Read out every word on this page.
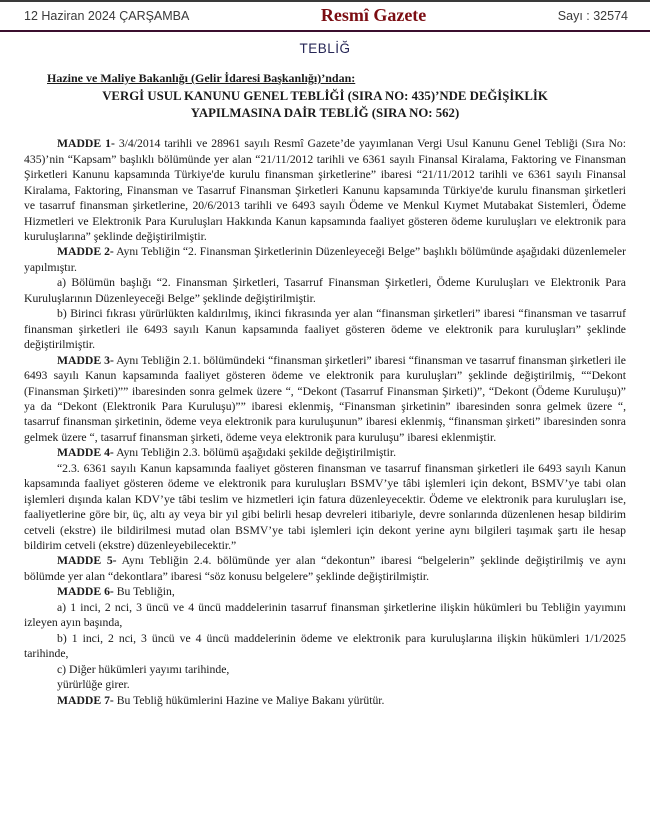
12 Haziran 2024 ÇARŞAMBA	Resmî Gazete	Sayı : 32574
TEBLİĞ
Hazine ve Maliye Bakanlığı (Gelir İdaresi Başkanlığı)’ndan:
VERGİ USUL KANUNU GENEL TEBLİĞİ (SIRA NO: 435)’NDE DEĞİŞİKLİK
YAPILMASINA DAİR TEBLİĞ (SIRA NO: 562)

MADDE 1- 3/4/2014 tarihli ve 28961 sayılı Resmî Gazete’de yayımlanan Vergi Usul Kanunu Genel Tebliği (Sıra No: 435)’nin “Kapsam” başlıklı bölümünde yer alan “21/11/2012 tarihli ve 6361 sayılı Finansal Kiralama, Faktoring ve Finansman Şirketleri Kanunu kapsamında Türkiye'de kurulu finansman şirketlerine” ibaresi “21/11/2012 tarihli ve 6361 sayılı Finansal Kiralama, Faktoring, Finansman ve Tasarruf Finansman Şirketleri Kanunu kapsamında Türkiye'de kurulu finansman şirketleri ve tasarruf finansman şirketlerine, 20/6/2013 tarihli ve 6493 sayılı Ödeme ve Menkul Kıymet Mutabakat Sistemleri, Ödeme Hizmetleri ve Elektronik Para Kuruluşları Hakkında Kanun kapsamında faaliyet gösteren ödeme kuruluşları ve elektronik para kuruluşlarına” şeklinde değiştirilmiştir.

MADDE 2- Aynı Tebliğin “2. Finansman Şirketlerinin Düzenleyeceği Belge” başlıklı bölümünde aşağıdaki düzenlemeler yapılmıştır.

a) Bölümün başlığı “2. Finansman Şirketleri, Tasarruf Finansman Şirketleri, Ödeme Kuruluşları ve Elektronik Para Kuruluşlarının Düzenleyeceği Belge” şeklinde değiştirilmiştir.

b) Birinci fıkrası yürürlükten kaldırılmış, ikinci fıkrasında yer alan “finansman şirketleri” ibaresi “finansman ve tasarruf finansman şirketleri ile 6493 sayılı Kanun kapsamında faaliyet gösteren ödeme ve elektronik para kuruluşları” şeklinde değiştirilmiştir.

MADDE 3- Aynı Tebliğin 2.1. bölümündeki “finansman şirketleri” ibaresi “finansman ve tasarruf finansman şirketleri ile 6493 sayılı Kanun kapsamında faaliyet gösteren ödeme ve elektronik para kuruluşları” şeklinde değiştirilmiş, ““Dekont (Finansman Şirketi)”” ibaresinden sonra gelmek üzere “, “Dekont (Tasarruf Finansman Şirketi)”, “Dekont (Ödeme Kuruluşu)” ya da “Dekont (Elektronik Para Kuruluşu)”” ibaresi eklenmiş, “Finansman şirketinin” ibaresinden sonra gelmek üzere “, tasarruf finansman şirketinin, ödeme veya elektronik para kuruluşunun” ibaresi eklenmiş, “finansman şirketi” ibaresinden sonra gelmek üzere “, tasarruf finansman şirketi, ödeme veya elektronik para kuruluşu” ibaresi eklenmiştir.

MADDE 4- Aynı Tebliğin 2.3. bölümü aşağıdaki şekilde değiştirilmiştir.

“2.3. 6361 sayılı Kanun kapsamında faaliyet gösteren finansman ve tasarruf finansman şirketleri ile 6493 sayılı Kanun kapsamında faaliyet gösteren ödeme ve elektronik para kuruluşları BSMV’ye tâbi işlemleri için dekont, BSMV’ye tabi olan işlemleri dışında kalan KDV’ye tâbi teslim ve hizmetleri için fatura düzenleyecektir. Ödeme ve elektronik para kuruluşları ise, faaliyetlerine göre bir, üç, altı ay veya bir yıl gibi belirli hesap devreleri itibariyle, devre sonlarında düzenlenen hesap bildirim cetveli (ekstre) ile bildirilmesi mutad olan BSMV’ye tabi işlemleri için dekont yerine aynı bilgileri taşımak şartı ile hesap bildirim cetveli (ekstre) düzenleyebilecektir.”

MADDE 5- Aynı Tebliğin 2.4. bölümünde yer alan “dekontun” ibaresi “belgelerin” şeklinde değiştirilmiş ve aynı bölümde yer alan “dekontlara” ibaresi “söz konusu belgelere” şeklinde değiştirilmiştir.

MADDE 6- Bu Tebliğin,

a) 1 inci, 2 nci, 3 üncü ve 4 üncü maddelerinin tasarruf finansman şirketlerine ilişkin hükümleri bu Tebliğin yayımını izleyen ayın başında,

b) 1 inci, 2 nci, 3 üncü ve 4 üncü maddelerinin ödeme ve elektronik para kuruluşlarına ilişkin hükümleri 1/1/2025 tarihinde,

c) Diğer hükümleri yayımı tarihinde,

yürürlüğe girer.

MADDE 7- Bu Tebliğ hükümlerini Hazine ve Maliye Bakanı yürütür.
